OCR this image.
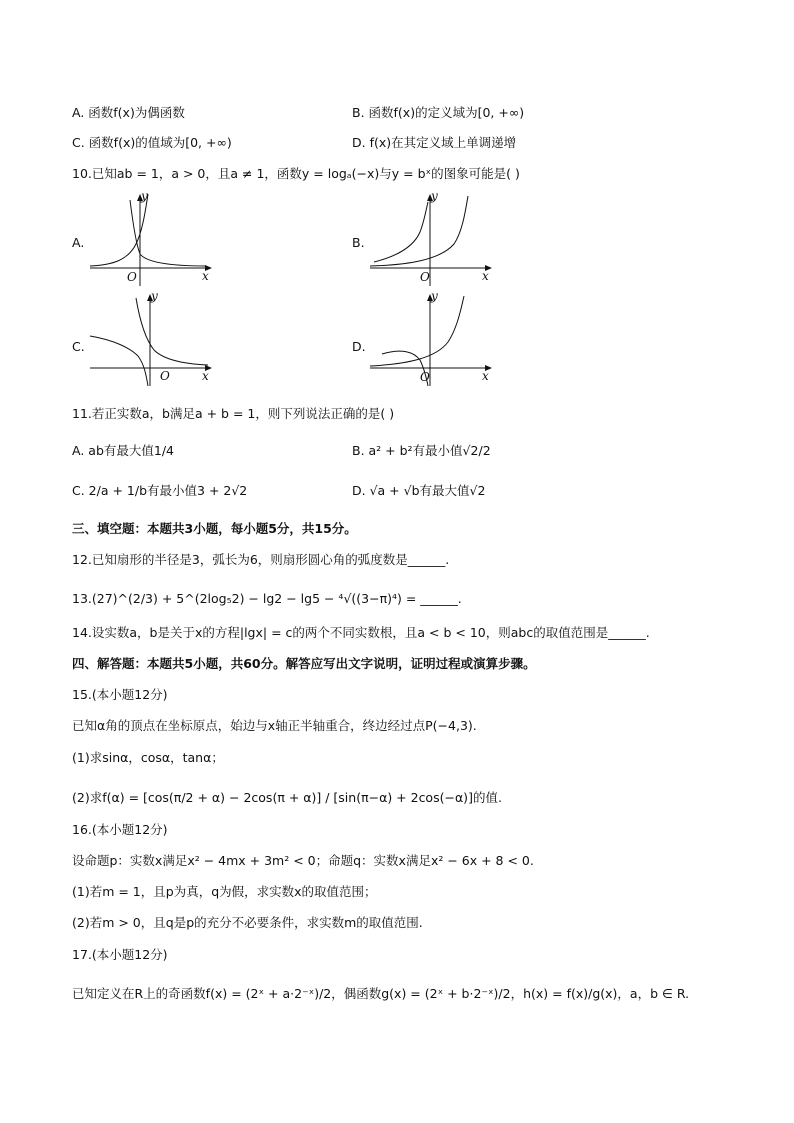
A. 函数f(x)为偶函数	B. 函数f(x)的定义域为[0, +∞)
C. 函数f(x)的值域为[0, +∞)	D. f(x)在其定义域上单调递增
10.已知ab = 1，a > 0，且a ≠ 1，函数y = logₐ(−x)与y = bˣ的图象可能是( )
A.
y
x
O
B.
y
x
O
C.
y
x
O
D.
y
x
O
11.若正实数a，b满足a + b = 1，则下列说法正确的是( )
A. ab有最大值1/4	B. a² + b²有最小值√2/2
C. 2/a + 1/b有最小值3 + 2√2	D. √a + √b有最大值√2
三、填空题：本题共3小题，每小题5分，共15分。
12.已知扇形的半径是3，弧长为6，则扇形圆心角的弧度数是______.
13.(27)^(2/3) + 5^(2log₅2) − lg2 − lg5 − ⁴√((3−π)⁴) = ______.
14.设实数a，b是关于x的方程|lgx| = c的两个不同实数根，且a < b < 10，则abc的取值范围是______.
四、解答题：本题共5小题，共60分。解答应写出文字说明，证明过程或演算步骤。
15.(本小题12分)
已知α角的顶点在坐标原点，始边与x轴正半轴重合，终边经过点P(−4,3).
(1)求sinα，cosα，tanα；
(2)求f(α) = [cos(π/2 + α) − 2cos(π + α)] / [sin(π−α) + 2cos(−α)]的值.
16.(本小题12分)
设命题p：实数x满足x² − 4mx + 3m² < 0；命题q：实数x满足x² − 6x + 8 < 0.
(1)若m = 1，且p为真，q为假，求实数x的取值范围；
(2)若m > 0，且q是p的充分不必要条件，求实数m的取值范围.
17.(本小题12分)
已知定义在R上的奇函数f(x) = (2ˣ + a·2⁻ˣ)/2，偶函数g(x) = (2ˣ + b·2⁻ˣ)/2，h(x) = f(x)/g(x)，a，b ∈ R.
